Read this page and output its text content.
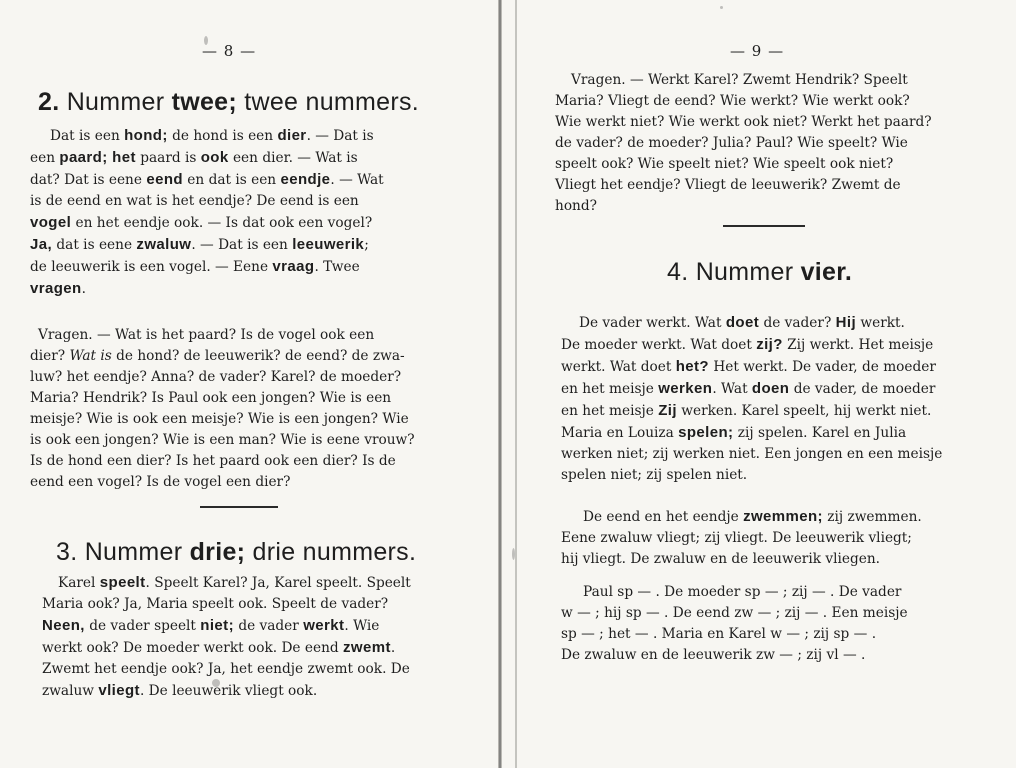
— 8 —
2. Nummer twee; twee nummers.
Dat is een hond; de hond is een dier. — Dat is
een paard; het paard is ook een dier. — Wat is
dat? Dat is eene eend en dat is een eendje. — Wat
is de eend en wat is het eendje? De eend is een
vogel en het eendje ook. — Is dat ook een vogel?
Ja, dat is eene zwaluw. — Dat is een leeuwerik;
de leeuwerik is een vogel. — Eene vraag. Twee
vragen.
Vragen. — Wat is het paard? Is de vogel ook een
dier? Wat is de hond? de leeuwerik? de eend? de zwa-
luw? het eendje? Anna? de vader? Karel? de moeder?
Maria? Hendrik? Is Paul ook een jongen? Wie is een
meisje? Wie is ook een meisje? Wie is een jongen? Wie
is ook een jongen? Wie is een man? Wie is eene vrouw?
Is de hond een dier? Is het paard ook een dier? Is de
eend een vogel? Is de vogel een dier?
3. Nummer drie; drie nummers.
Karel speelt. Speelt Karel? Ja, Karel speelt. Speelt
Maria ook? Ja, Maria speelt ook. Speelt de vader?
Neen, de vader speelt niet; de vader werkt. Wie
werkt ook? De moeder werkt ook. De eend zwemt.
Zwemt het eendje ook? Ja, het eendje zwemt ook. De
zwaluw vliegt. De leeuwerik vliegt ook.
— 9 —
Vragen. — Werkt Karel? Zwemt Hendrik? Speelt
Maria? Vliegt de eend? Wie werkt? Wie werkt ook?
Wie werkt niet? Wie werkt ook niet? Werkt het paard?
de vader? de moeder? Julia? Paul? Wie speelt? Wie
speelt ook? Wie speelt niet? Wie speelt ook niet?
Vliegt het eendje? Vliegt de leeuwerik? Zwemt de
hond?
4. Nummer vier.
De vader werkt. Wat doet de vader? Hij werkt.
De moeder werkt. Wat doet zij? Zij werkt. Het meisje
werkt. Wat doet het? Het werkt. De vader, de moeder
en het meisje werken. Wat doen de vader, de moeder
en het meisje Zij werken. Karel speelt, hij werkt niet.
Maria en Louiza spelen; zij spelen. Karel en Julia
werken niet; zij werken niet. Een jongen en een meisje
spelen niet; zij spelen niet.
De eend en het eendje zwemmen; zij zwemmen.
Eene zwaluw vliegt; zij vliegt. De leeuwerik vliegt;
hij vliegt. De zwaluw en de leeuwerik vliegen.
Paul sp — . De moeder sp — ; zij — . De vader
w — ; hij sp — . De eend zw — ; zij — . Een meisje
sp — ; het — . Maria en Karel w — ; zij sp — .
De zwaluw en de leeuwerik zw — ; zij vl — .
